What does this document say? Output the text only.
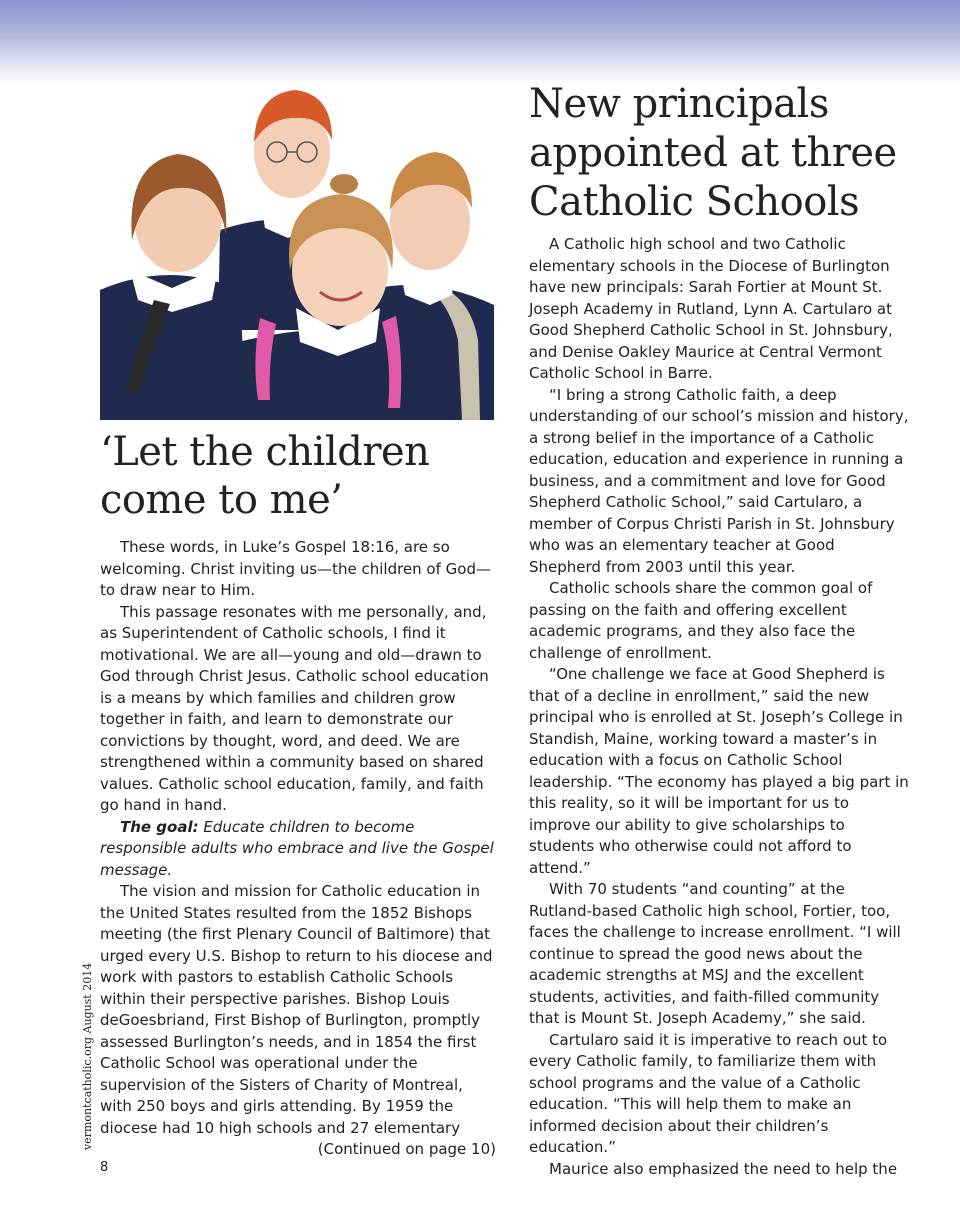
‘Let the children
come to me’
New principals
appointed at three
Catholic Schools

These words, in Luke’s Gospel 18:16, are so welcoming. Christ inviting us—the children of God—to draw near to Him.

This passage resonates with me personally, and, as Superintendent of Catholic schools, I find it motivational. We are all—young and old—drawn to God through Christ Jesus. Catholic school education is a means by which families and children grow together in faith, and learn to demonstrate our convictions by thought, word, and deed. We are strengthened within a community based on shared values. Catholic school education, family, and faith go hand in hand.

The goal: Educate children to become responsible adults who embrace and live the Gospel message.

The vision and mission for Catholic education in the United States resulted from the 1852 Bishops meeting (the first Plenary Council of Baltimore) that urged every U.S. Bishop to return to his diocese and work with pastors to establish Catholic Schools within their perspective parishes. Bishop Louis deGoesbriand, First Bishop of Burlington, promptly assessed Burlington’s needs, and in 1854 the first Catholic School was operational under the supervision of the Sisters of Charity of Montreal, with 250 boys and girls attending. By 1959 the diocese had 10 high schools and 27 elementary

(Continued on page 10)

A Catholic high school and two Catholic elementary schools in the Diocese of Burlington have new principals: Sarah Fortier at Mount St. Joseph Academy in Rutland, Lynn A. Cartularo at Good Shepherd Catholic School in St. Johnsbury, and Denise Oakley Maurice at Central Vermont Catholic School in Barre.

“I bring a strong Catholic faith, a deep understanding of our school’s mission and history, a strong belief in the importance of a Catholic education, education and experience in running a business, and a commitment and love for Good Shepherd Catholic School,” said Cartularo, a member of Corpus Christi Parish in St. Johnsbury who was an elementary teacher at Good Shepherd from 2003 until this year.

Catholic schools share the common goal of passing on the faith and offering excellent academic programs, and they also face the challenge of enrollment.

“One challenge we face at Good Shepherd is that of a decline in enrollment,” said the new principal who is enrolled at St. Joseph’s College in Standish, Maine, working toward a master’s in education with a focus on Catholic School leadership. “The economy has played a big part in this reality, so it will be important for us to improve our ability to give scholarships to students who otherwise could not afford to attend.”

With 70 students “and counting” at the Rutland-based Catholic high school, Fortier, too, faces the challenge to increase enrollment. “I will continue to spread the good news about the academic strengths at MSJ and the excellent students, activities, and faith-filled community that is Mount St. Joseph Academy,” she said.

Cartularo said it is imperative to reach out to every Catholic family, to familiarize them with school programs and the value of a Catholic education. “This will help them to make an informed decision about their children’s education.”

Maurice also emphasized the need to help the

vermontcatholic.org August 2014
8
